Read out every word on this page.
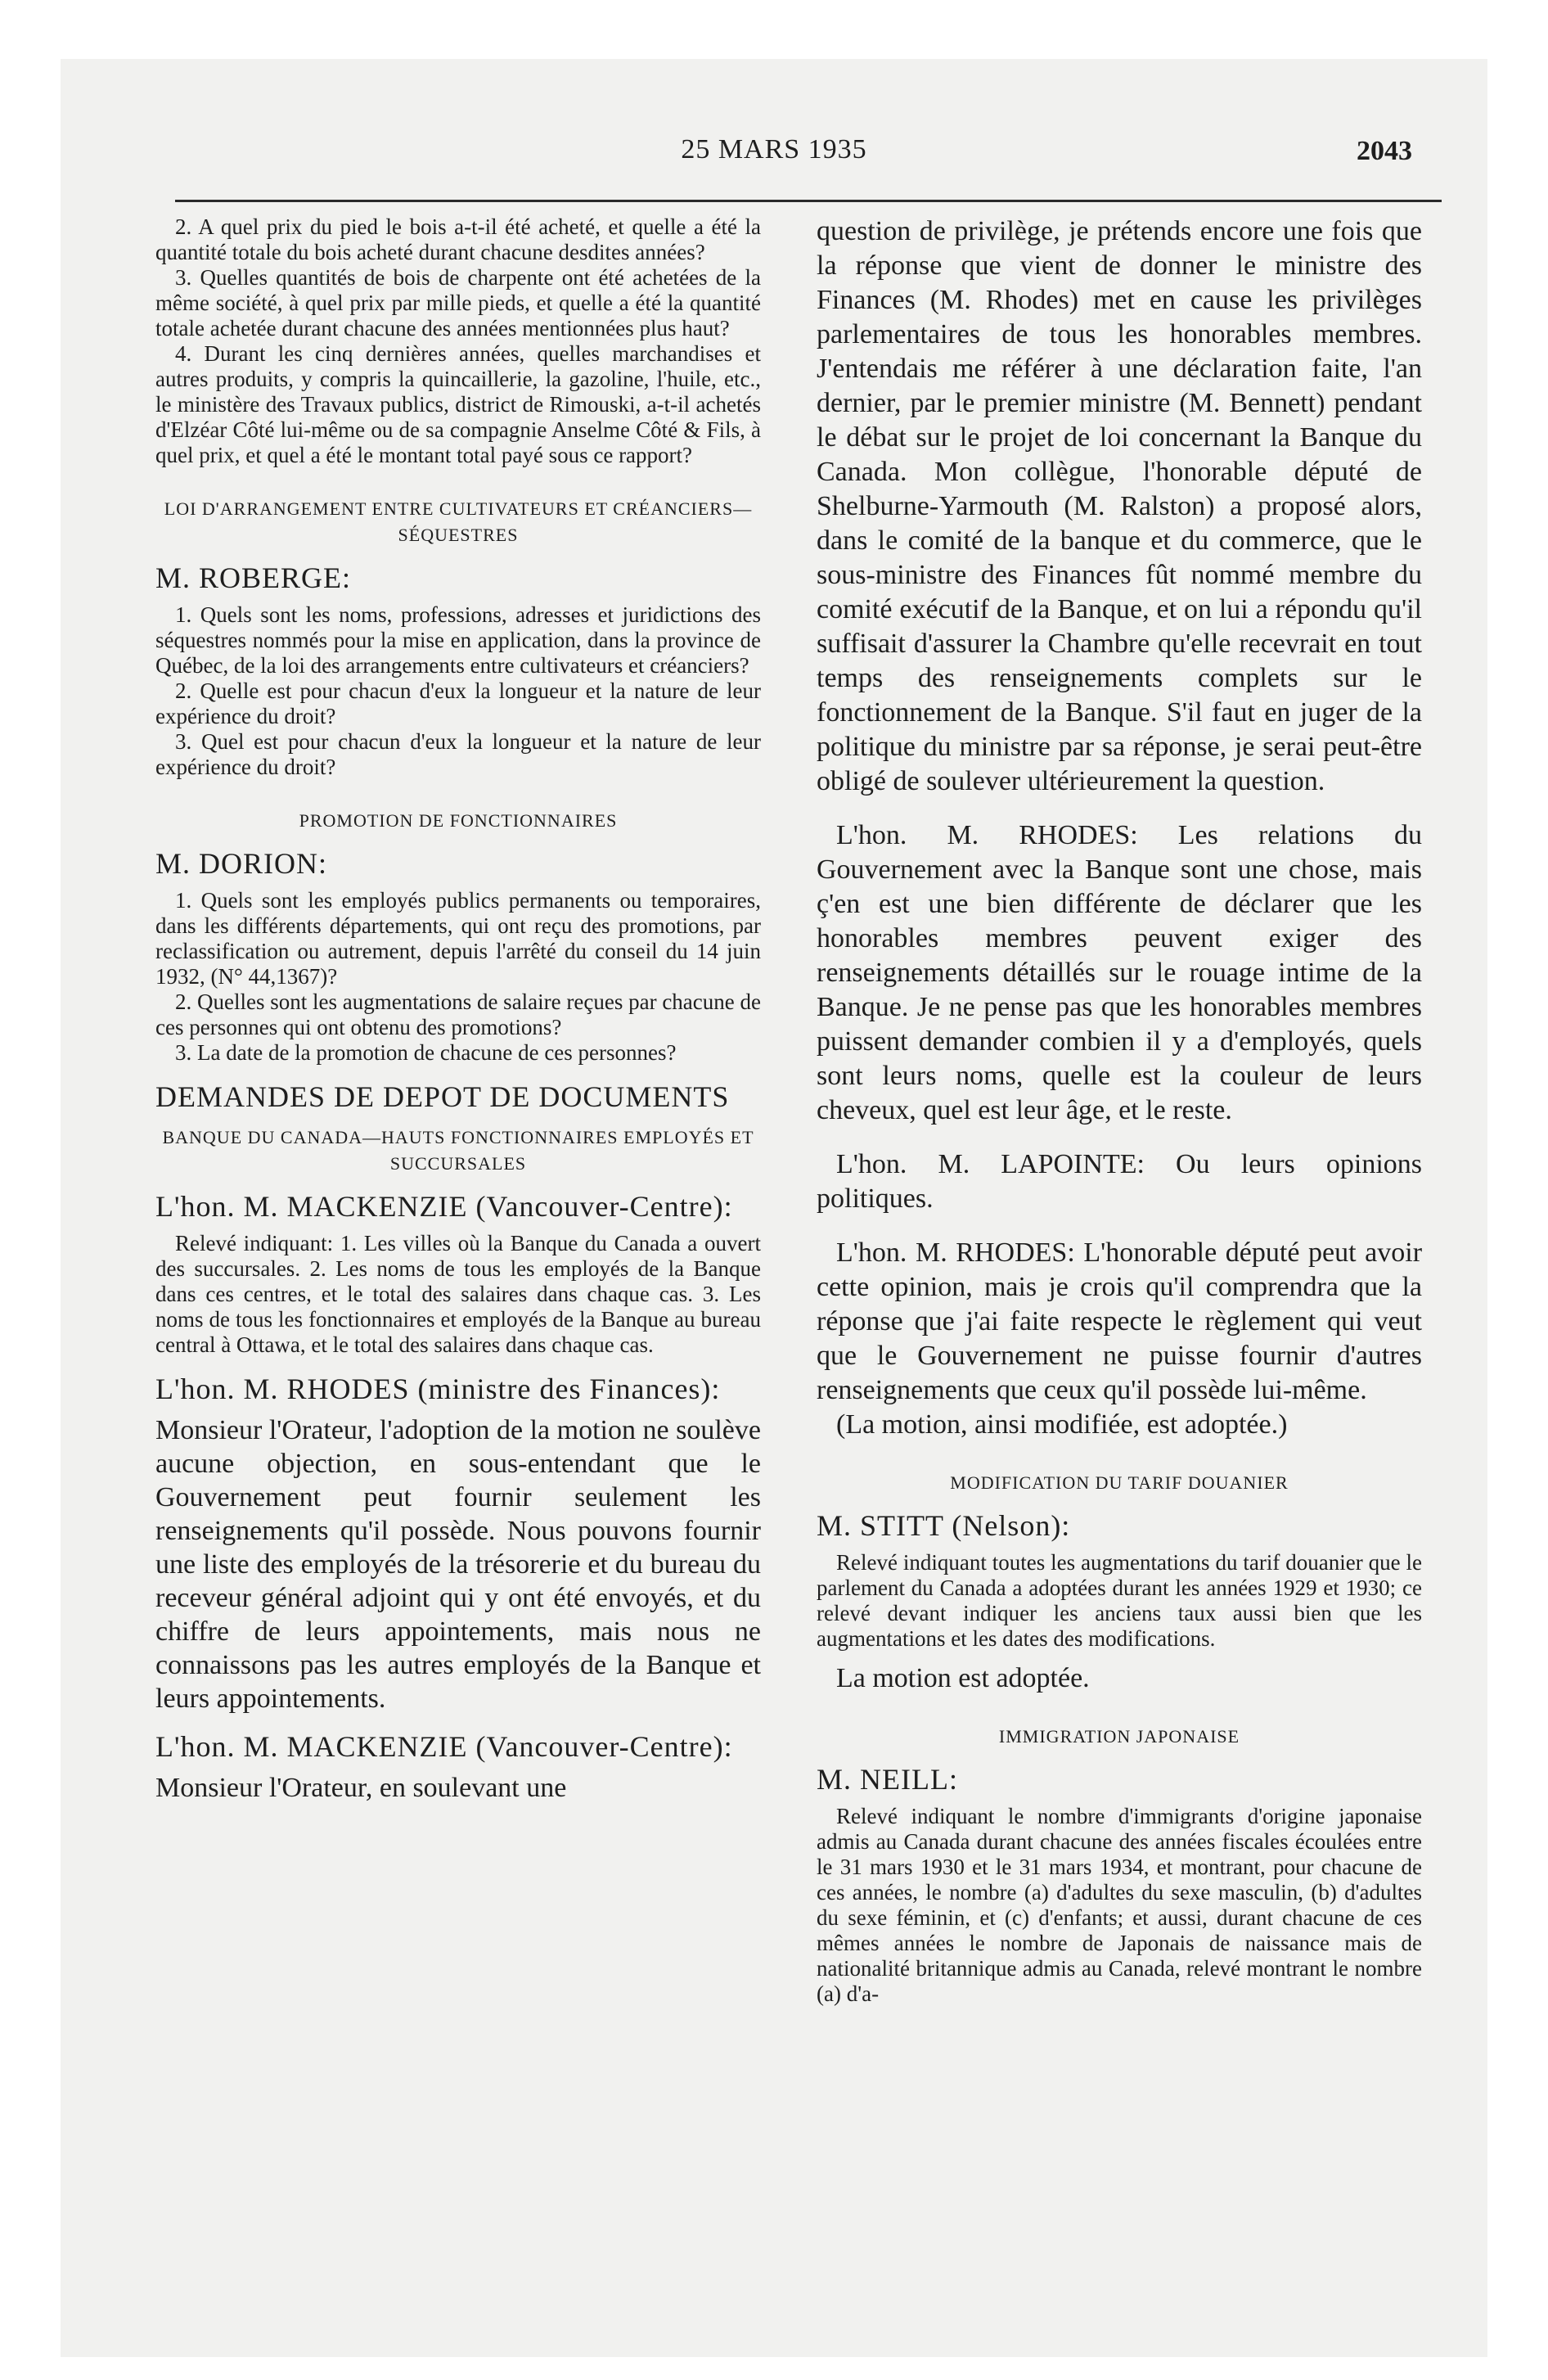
25 MARS 1935	2043

2. A quel prix du pied le bois a-t-il été acheté, et quelle a été la quantité totale du bois acheté durant chacune desdites années?

3. Quelles quantités de bois de charpente ont été achetées de la même société, à quel prix par mille pieds, et quelle a été la quantité totale achetée durant chacune des années mentionnées plus haut?

4. Durant les cinq dernières années, quelles marchandises et autres produits, y compris la quincaillerie, la gazoline, l'huile, etc., le ministère des Travaux publics, district de Rimouski, a-t-il achetés d'Elzéar Côté lui-même ou de sa compagnie Anselme Côté & Fils, à quel prix, et quel a été le montant total payé sous ce rapport?

LOI D'ARRANGEMENT ENTRE CULTIVATEURS ET CRÉANCIERS—SÉQUESTRES
M. ROBERGE:

1. Quels sont les noms, professions, adresses et juridictions des séquestres nommés pour la mise en application, dans la province de Québec, de la loi des arrangements entre cultivateurs et créanciers?

2. Quelle est pour chacun d'eux la longueur et la nature de leur expérience du droit?

3. Quel est pour chacun d'eux la longueur et la nature de leur expérience du droit?

PROMOTION DE FONCTIONNAIRES
M. DORION:

1. Quels sont les employés publics permanents ou temporaires, dans les différents départements, qui ont reçu des promotions, par reclassification ou autrement, depuis l'arrêté du conseil du 14 juin 1932, (N° 44,1367)?

2. Quelles sont les augmentations de salaire reçues par chacune de ces personnes qui ont obtenu des promotions?

3. La date de la promotion de chacune de ces personnes?

DEMANDES DE DEPOT DE DOCUMENTS
BANQUE DU CANADA—HAUTS FONCTIONNAIRES EMPLOYÉS ET SUCCURSALES
L'hon. M. MACKENZIE (Vancouver-Centre):

Relevé indiquant: 1. Les villes où la Banque du Canada a ouvert des succursales. 2. Les noms de tous les employés de la Banque dans ces centres, et le total des salaires dans chaque cas. 3. Les noms de tous les fonctionnaires et employés de la Banque au bureau central à Ottawa, et le total des salaires dans chaque cas.

L'hon. M. RHODES (ministre des Finances):

Monsieur l'Orateur, l'adoption de la motion ne soulève aucune objection, en sous-entendant que le Gouvernement peut fournir seulement les renseignements qu'il possède. Nous pouvons fournir une liste des employés de la trésorerie et du bureau du receveur général adjoint qui y ont été envoyés, et du chiffre de leurs appointements, mais nous ne connaissons pas les autres employés de la Banque et leurs appointements.

L'hon. M. MACKENZIE (Vancouver-Centre):

Monsieur l'Orateur, en soulevant une

question de privilège, je prétends encore une fois que la réponse que vient de donner le ministre des Finances (M. Rhodes) met en cause les privilèges parlementaires de tous les honorables membres. J'entendais me référer à une déclaration faite, l'an dernier, par le premier ministre (M. Bennett) pendant le débat sur le projet de loi concernant la Banque du Canada. Mon collègue, l'honorable député de Shelburne-Yarmouth (M. Ralston) a proposé alors, dans le comité de la banque et du commerce, que le sous-ministre des Finances fût nommé membre du comité exécutif de la Banque, et on lui a répondu qu'il suffisait d'assurer la Chambre qu'elle recevrait en tout temps des renseignements complets sur le fonctionnement de la Banque. S'il faut en juger de la politique du ministre par sa réponse, je serai peut-être obligé de soulever ultérieurement la question.

L'hon. M. RHODES: Les relations du Gouvernement avec la Banque sont une chose, mais ç'en est une bien différente de déclarer que les honorables membres peuvent exiger des renseignements détaillés sur le rouage intime de la Banque. Je ne pense pas que les honorables membres puissent demander combien il y a d'employés, quels sont leurs noms, quelle est la couleur de leurs cheveux, quel est leur âge, et le reste.

L'hon. M. LAPOINTE: Ou leurs opinions politiques.

L'hon. M. RHODES: L'honorable député peut avoir cette opinion, mais je crois qu'il comprendra que la réponse que j'ai faite respecte le règlement qui veut que le Gouvernement ne puisse fournir d'autres renseignements que ceux qu'il possède lui-même.

(La motion, ainsi modifiée, est adoptée.)

MODIFICATION DU TARIF DOUANIER
M. STITT (Nelson):

Relevé indiquant toutes les augmentations du tarif douanier que le parlement du Canada a adoptées durant les années 1929 et 1930; ce relevé devant indiquer les anciens taux aussi bien que les augmentations et les dates des modifications.

La motion est adoptée.

IMMIGRATION JAPONAISE
M. NEILL:

Relevé indiquant le nombre d'immigrants d'origine japonaise admis au Canada durant chacune des années fiscales écoulées entre le 31 mars 1930 et le 31 mars 1934, et montrant, pour chacune de ces années, le nombre (a) d'adultes du sexe masculin, (b) d'adultes du sexe féminin, et (c) d'enfants; et aussi, durant chacune de ces mêmes années le nombre de Japonais de naissance mais de nationalité britannique admis au Canada, relevé montrant le nombre (a) d'a-
